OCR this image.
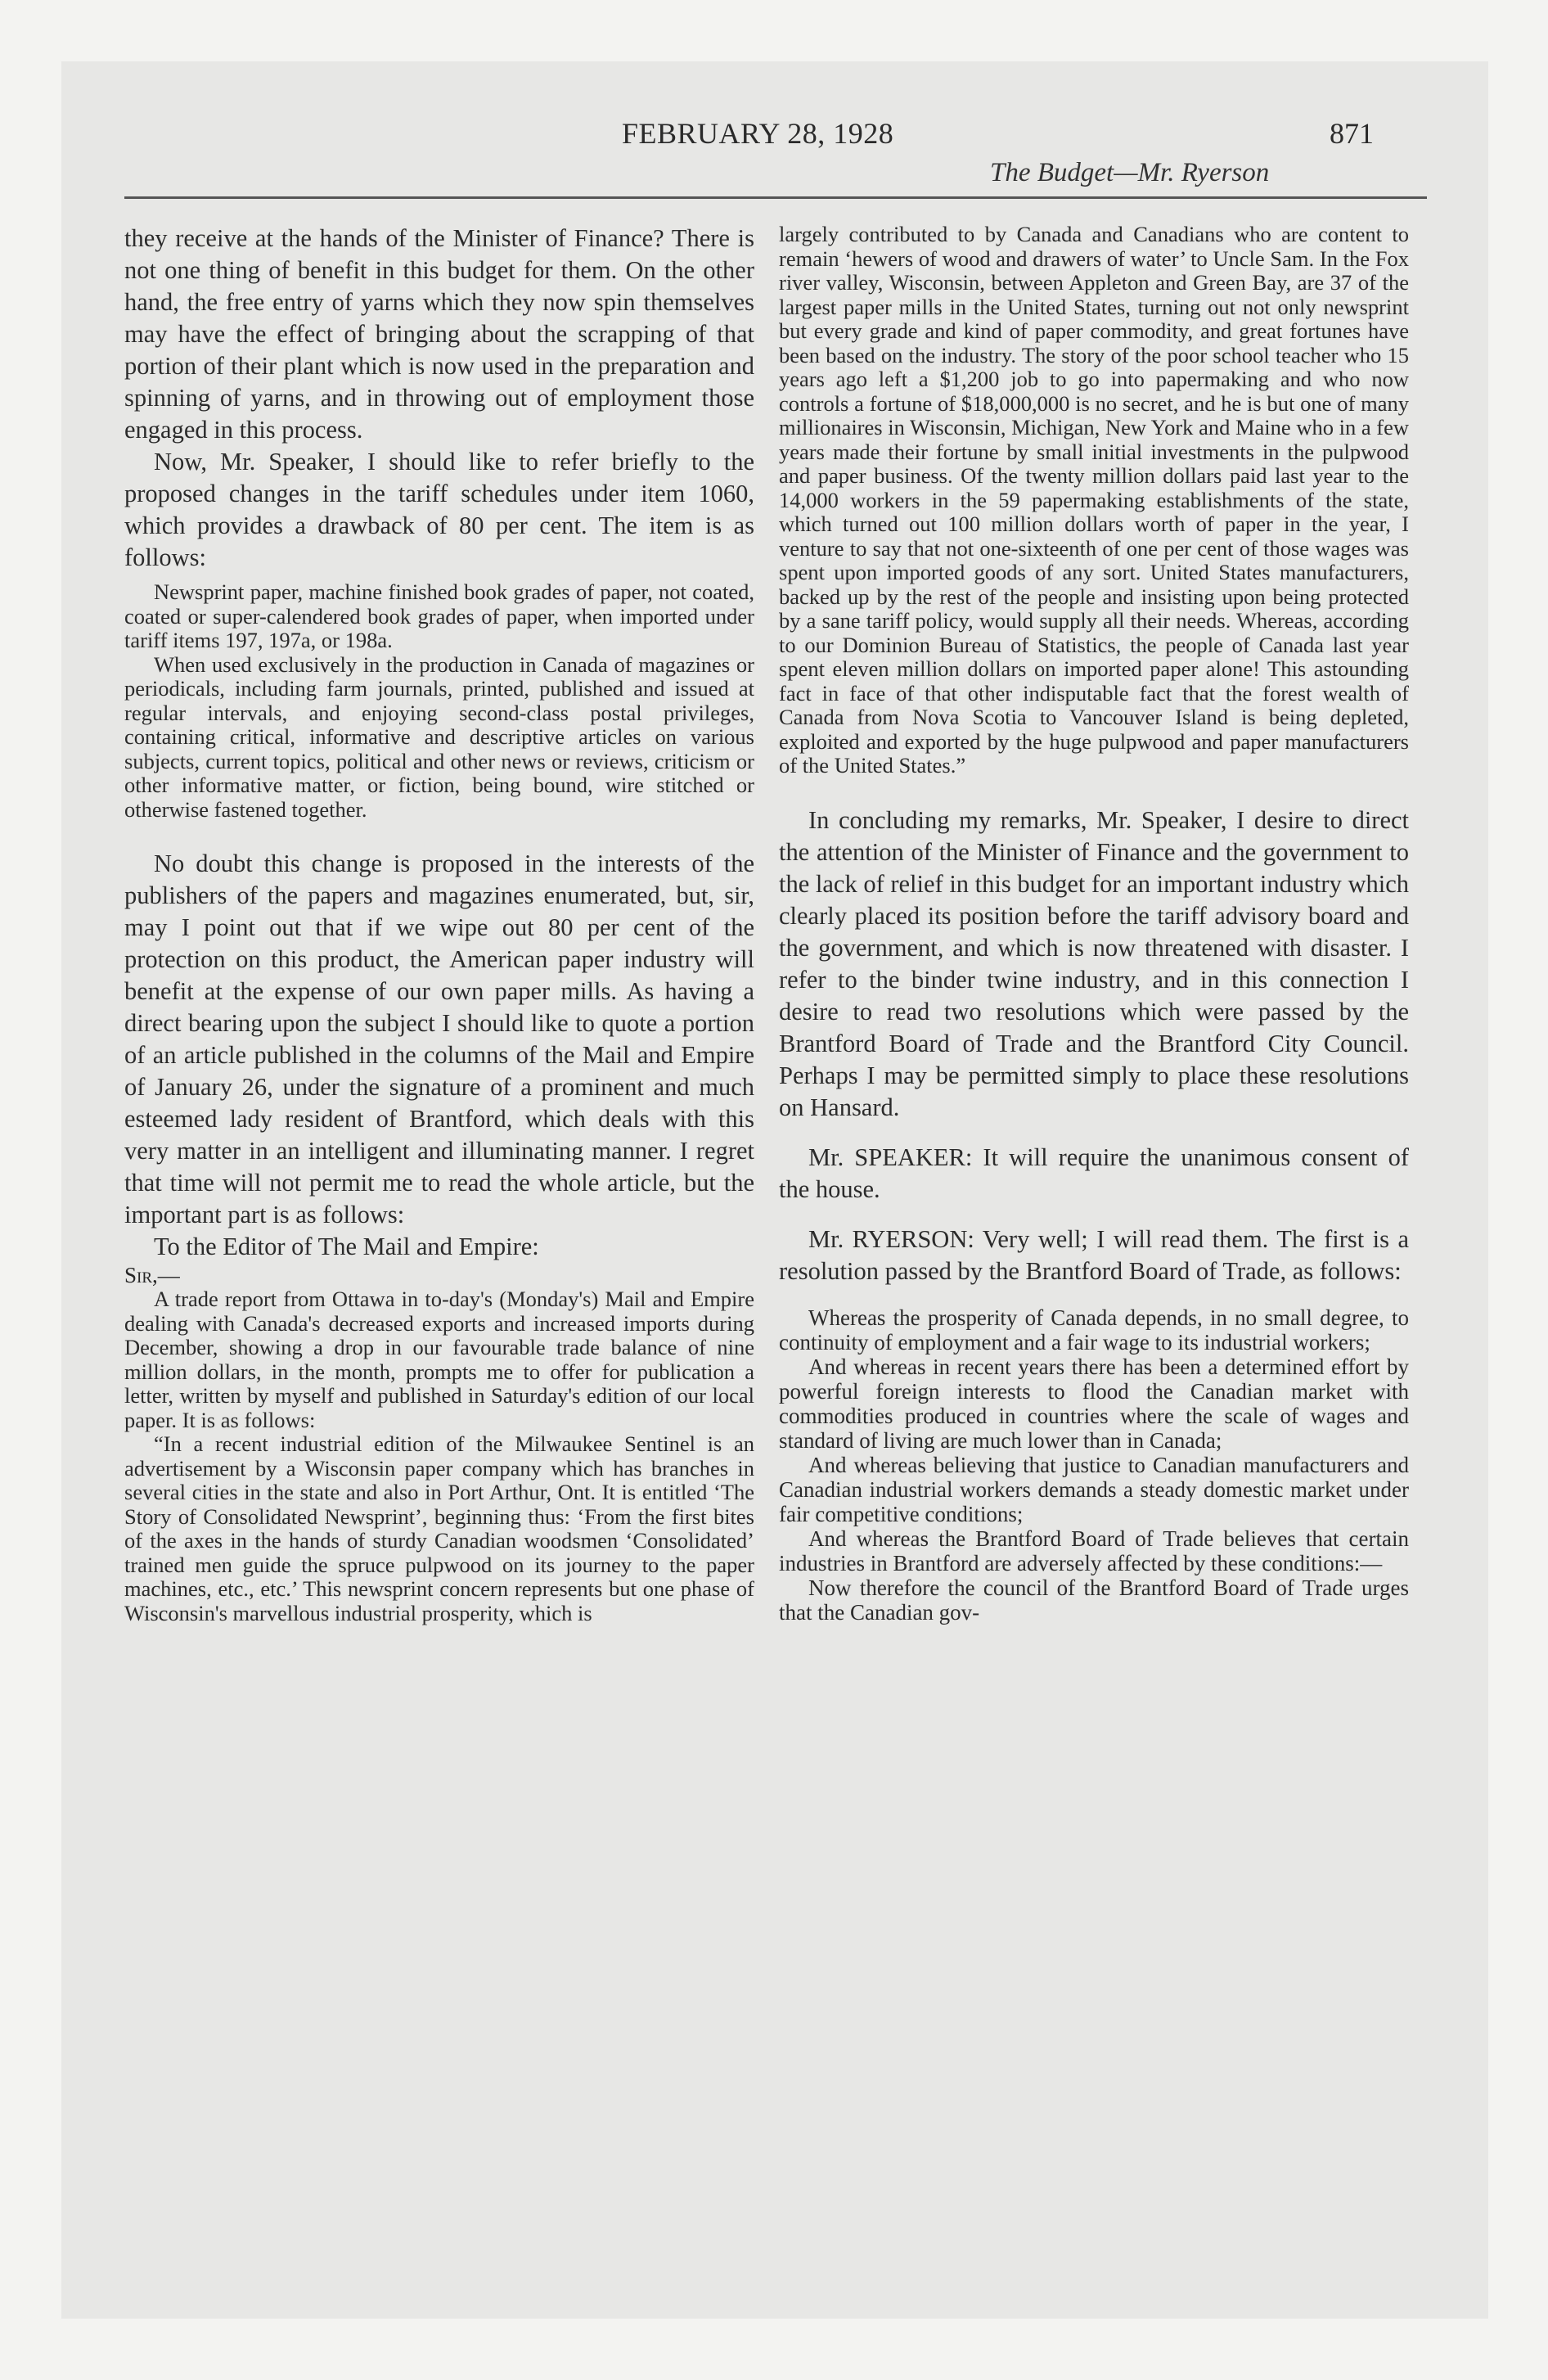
FEBRUARY 28, 1928	871
The Budget—Mr. Ryerson

they receive at the hands of the Minister of Finance? There is not one thing of benefit in this budget for them. On the other hand, the free entry of yarns which they now spin themselves may have the effect of bringing about the scrapping of that portion of their plant which is now used in the preparation and spinning of yarns, and in throwing out of employment those engaged in this process.

Now, Mr. Speaker, I should like to refer briefly to the proposed changes in the tariff schedules under item 1060, which provides a drawback of 80 per cent. The item is as follows:

Newsprint paper, machine finished book grades of paper, not coated, coated or super-calendered book grades of paper, when imported under tariff items 197, 197a, or 198a.

When used exclusively in the production in Canada of magazines or periodicals, including farm journals, printed, published and issued at regular intervals, and enjoying second-class postal privileges, containing critical, informative and descriptive articles on various subjects, current topics, political and other news or reviews, criticism or other informative matter, or fiction, being bound, wire stitched or otherwise fastened together.

No doubt this change is proposed in the interests of the publishers of the papers and magazines enumerated, but, sir, may I point out that if we wipe out 80 per cent of the protection on this product, the American paper industry will benefit at the expense of our own paper mills. As having a direct bearing upon the subject I should like to quote a portion of an article published in the columns of the Mail and Empire of January 26, under the signature of a prominent and much esteemed lady resident of Brantford, which deals with this very matter in an intelligent and illuminating manner. I regret that time will not permit me to read the whole article, but the important part is as follows:

To the Editor of The Mail and Empire:

Sir,—

A trade report from Ottawa in to-day's (Monday's) Mail and Empire dealing with Canada's decreased exports and increased imports during December, showing a drop in our favourable trade balance of nine million dollars, in the month, prompts me to offer for publication a letter, written by myself and published in Saturday's edition of our local paper. It is as follows:

“In a recent industrial edition of the Milwaukee Sentinel is an advertisement by a Wisconsin paper company which has branches in several cities in the state and also in Port Arthur, Ont. It is entitled ‘The Story of Consolidated Newsprint’, beginning thus: ‘From the first bites of the axes in the hands of sturdy Canadian woodsmen ‘Consolidated’ trained men guide the spruce pulpwood on its journey to the paper machines, etc., etc.’ This newsprint concern represents but one phase of Wisconsin's marvellous industrial prosperity, which is

largely contributed to by Canada and Canadians who are content to remain ‘hewers of wood and drawers of water’ to Uncle Sam. In the Fox river valley, Wisconsin, between Appleton and Green Bay, are 37 of the largest paper mills in the United States, turning out not only newsprint but every grade and kind of paper commodity, and great fortunes have been based on the industry. The story of the poor school teacher who 15 years ago left a $1,200 job to go into papermaking and who now controls a fortune of $18,000,000 is no secret, and he is but one of many millionaires in Wisconsin, Michigan, New York and Maine who in a few years made their fortune by small initial investments in the pulpwood and paper business. Of the twenty million dollars paid last year to the 14,000 workers in the 59 papermaking establishments of the state, which turned out 100 million dollars worth of paper in the year, I venture to say that not one-sixteenth of one per cent of those wages was spent upon imported goods of any sort. United States manufacturers, backed up by the rest of the people and insisting upon being protected by a sane tariff policy, would supply all their needs. Whereas, according to our Dominion Bureau of Statistics, the people of Canada last year spent eleven million dollars on imported paper alone! This astounding fact in face of that other indisputable fact that the forest wealth of Canada from Nova Scotia to Vancouver Island is being depleted, exploited and exported by the huge pulpwood and paper manufacturers of the United States.”

In concluding my remarks, Mr. Speaker, I desire to direct the attention of the Minister of Finance and the government to the lack of relief in this budget for an important industry which clearly placed its position before the tariff advisory board and the government, and which is now threatened with disaster. I refer to the binder twine industry, and in this connection I desire to read two resolutions which were passed by the Brantford Board of Trade and the Brantford City Council. Perhaps I may be permitted simply to place these resolutions on Hansard.

Mr. SPEAKER: It will require the unanimous consent of the house.

Mr. RYERSON: Very well; I will read them. The first is a resolution passed by the Brantford Board of Trade, as follows:

Whereas the prosperity of Canada depends, in no small degree, to continuity of employment and a fair wage to its industrial workers;

And whereas in recent years there has been a determined effort by powerful foreign interests to flood the Canadian market with commodities produced in countries where the scale of wages and standard of living are much lower than in Canada;

And whereas believing that justice to Canadian manufacturers and Canadian industrial workers demands a steady domestic market under fair competitive conditions;

And whereas the Brantford Board of Trade believes that certain industries in Brantford are adversely affected by these conditions:—

Now therefore the council of the Brantford Board of Trade urges that the Canadian gov-
